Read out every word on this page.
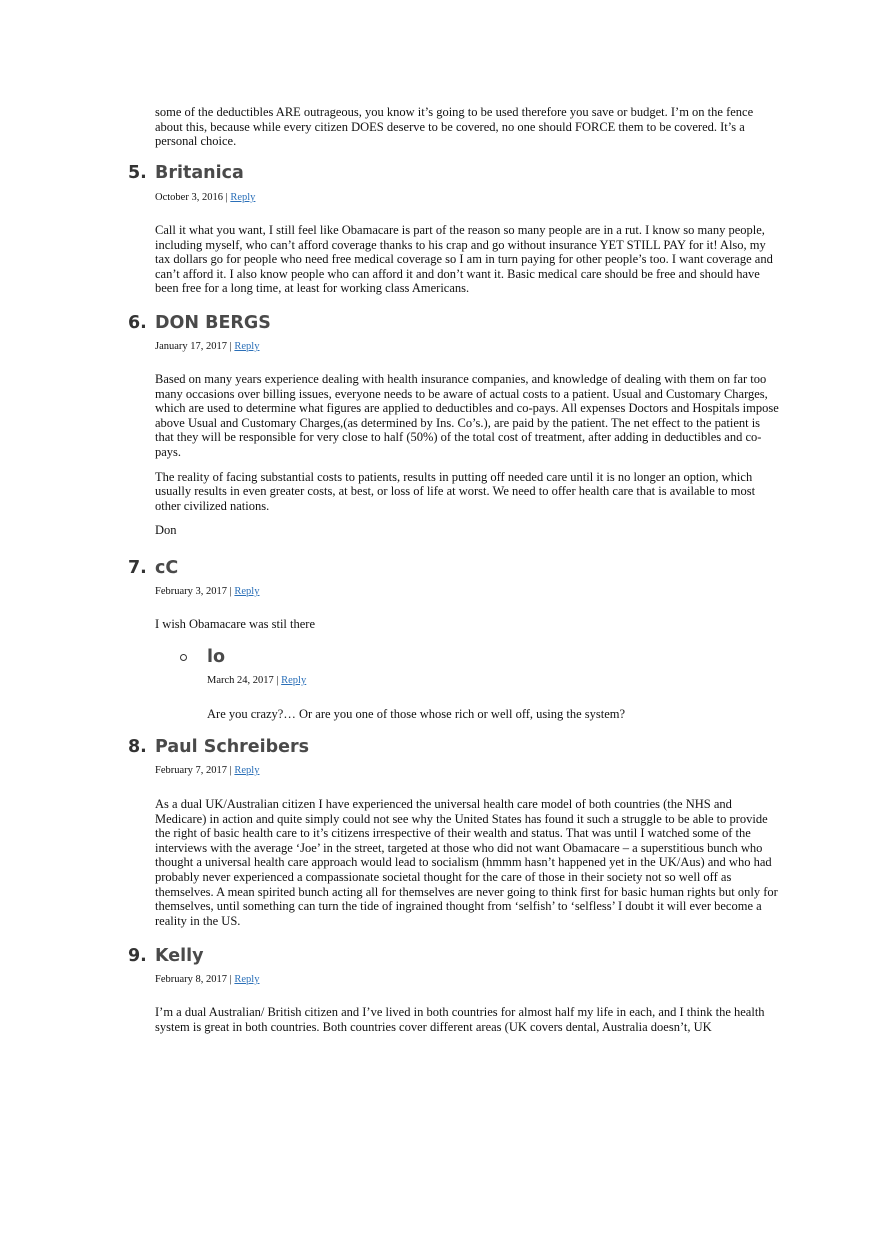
some of the deductibles ARE outrageous, you know it’s going to be used therefore you save or budget. I’m on the fence about this, because while every citizen DOES deserve to be covered, no one should FORCE them to be covered. It’s a personal choice.

5. Britanica
October 3, 2016 | Reply

Call it what you want, I still feel like Obamacare is part of the reason so many people are in a rut. I know so many people, including myself, who can’t afford coverage thanks to his crap and go without insurance YET STILL PAY for it! Also, my tax dollars go for people who need free medical coverage so I am in turn paying for other people’s too. I want coverage and can’t afford it. I also know people who can afford it and don’t want it. Basic medical care should be free and should have been free for a long time, at least for working class Americans.

6. DON BERGS
January 17, 2017 | Reply

Based on many years experience dealing with health insurance companies, and knowledge of dealing with them on far too many occasions over billing issues, everyone needs to be aware of actual costs to a patient. Usual and Customary Charges, which are used to determine what figures are applied to deductibles and co-pays. All expenses Doctors and Hospitals impose above Usual and Customary Charges,(as determined by Ins. Co’s.), are paid by the patient. The net effect to the patient is that they will be responsible for very close to half (50%) of the total cost of treatment, after adding in deductibles and co-pays.

The reality of facing substantial costs to patients, results in putting off needed care until it is no longer an option, which usually results in even greater costs, at best, or loss of life at worst. We need to offer health care that is available to most other civilized nations.

Don

7. cC
February 3, 2017 | Reply

I wish Obamacare was stil there

lo
March 24, 2017 | Reply

Are you crazy?… Or are you one of those whose rich or well off, using the system?

8. Paul Schreibers
February 7, 2017 | Reply

As a dual UK/Australian citizen I have experienced the universal health care model of both countries (the NHS and Medicare) in action and quite simply could not see why the United States has found it such a struggle to be able to provide the right of basic health care to it’s citizens irrespective of their wealth and status. That was until I watched some of the interviews with the average ‘Joe’ in the street, targeted at those who did not want Obamacare – a superstitious bunch who thought a universal health care approach would lead to socialism (hmmm hasn’t happened yet in the UK/Aus) and who had probably never experienced a compassionate societal thought for the care of those in their society not so well off as themselves. A mean spirited bunch acting all for themselves are never going to think first for basic human rights but only for themselves, until something can turn the tide of ingrained thought from ‘selfish’ to ‘selfless’ I doubt it will ever become a reality in the US.

9. Kelly
February 8, 2017 | Reply

I’m a dual Australian/ British citizen and I’ve lived in both countries for almost half my life in each, and I think the health system is great in both countries. Both countries cover different areas (UK covers dental, Australia doesn’t, UK
